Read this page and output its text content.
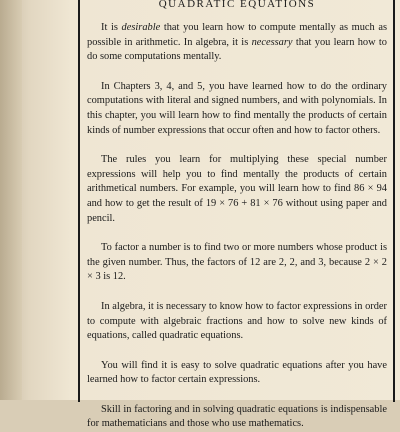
QUADRATIC EQUATIONS

It is desirable that you learn how to compute mentally as much as possible in arithmetic. In algebra, it is necessary that you learn how to do some computations mentally.

In Chapters 3, 4, and 5, you have learned how to do the ordinary computations with literal and signed numbers, and with polynomials. In this chapter, you will learn how to find mentally the products of certain kinds of number expressions that occur often and how to factor others.

The rules you learn for multiplying these special number expressions will help you to find mentally the products of certain arithmetical numbers. For example, you will learn how to find 86 × 94 and how to get the result of 19 × 76 + 81 × 76 without using paper and pencil.

To factor a number is to find two or more numbers whose product is the given number. Thus, the factors of 12 are 2, 2, and 3, because 2 × 2 × 3 is 12.

In algebra, it is necessary to know how to factor expressions in order to compute with algebraic fractions and how to solve new kinds of equations, called quadratic equations.

You will find it is easy to solve quadratic equations after you have learned how to factor certain expressions.

Skill in factoring and in solving quadratic equations is indispensable for mathematicians and those who use mathematics.
